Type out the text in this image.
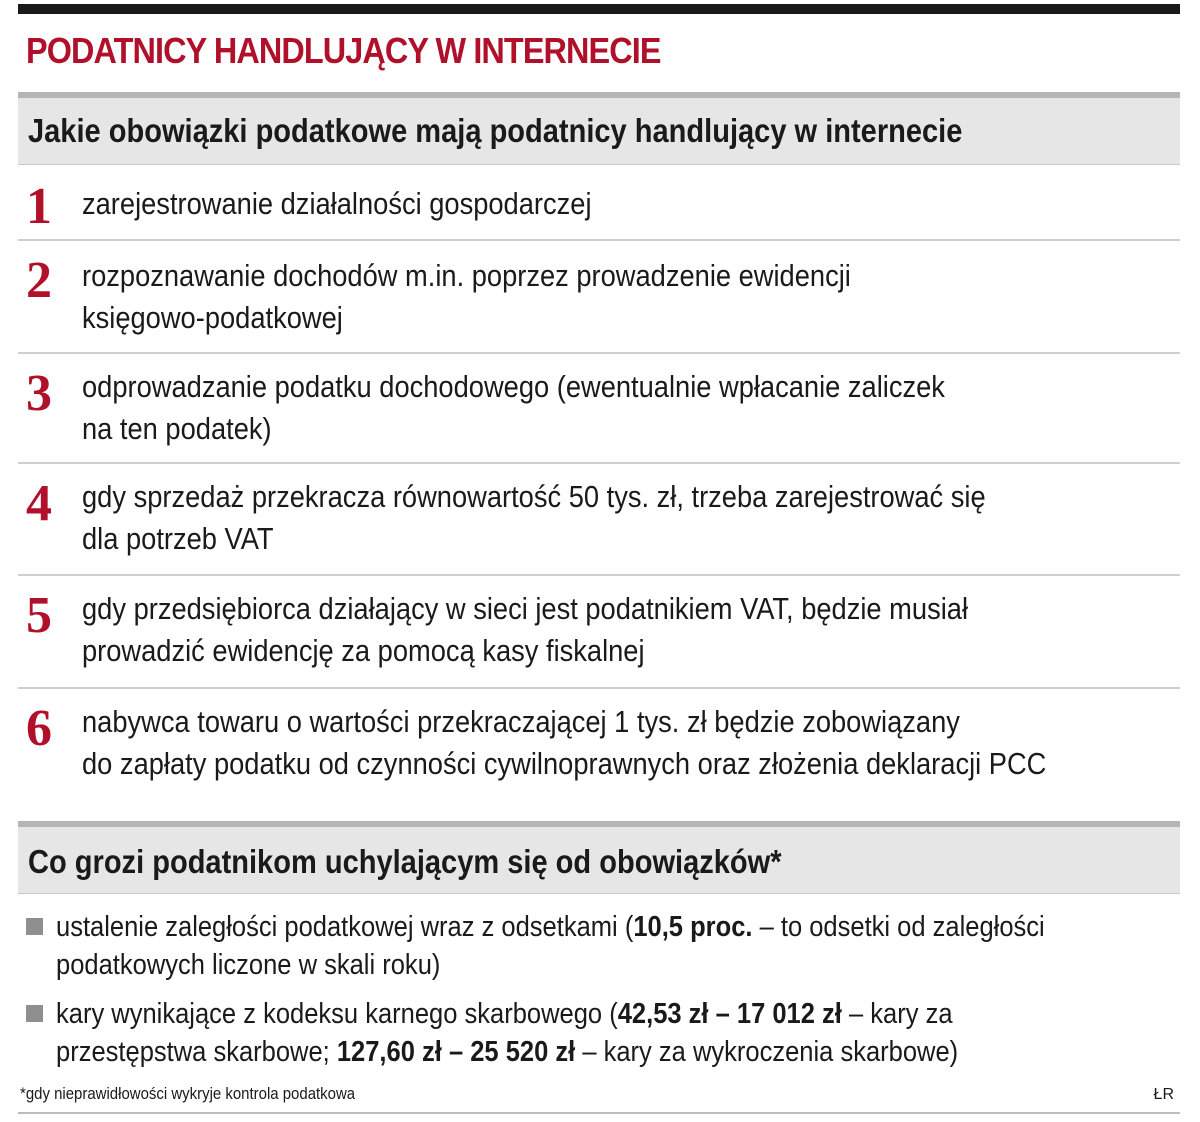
PODATNICY HANDLUJĄCY W INTERNECIE
Jakie obowiązki podatkowe mają podatnicy handlujący w internecie
1 zarejestrowanie działalności gospodarczej
2 rozpoznawanie dochodów m.in. poprzez prowadzenie ewidencji
księgowo-podatkowej
3 odprowadzanie podatku dochodowego (ewentualnie wpłacanie zaliczek
na ten podatek)
4 gdy sprzedaż przekracza równowartość 50 tys. zł, trzeba zarejestrować się
dla potrzeb VAT
5 gdy przedsiębiorca działający w sieci jest podatnikiem VAT, będzie musiał
prowadzić ewidencję za pomocą kasy fiskalnej
6 nabywca towaru o wartości przekraczającej 1 tys. zł będzie zobowiązany
do zapłaty podatku od czynności cywilnoprawnych oraz złożenia deklaracji PCC
Co grozi podatnikom uchylającym się od obowiązków*
ustalenie zaległości podatkowej wraz z odsetkami (10,5 proc. – to odsetki od zaległości
podatkowych liczone w skali roku)
kary wynikające z kodeksu karnego skarbowego (42,53 zł – 17 012 zł – kary za
przestępstwa skarbowe; 127,60 zł – 25 520 zł – kary za wykroczenia skarbowe)
*gdy nieprawidłowości wykryje kontrola podatkowa	ŁR
